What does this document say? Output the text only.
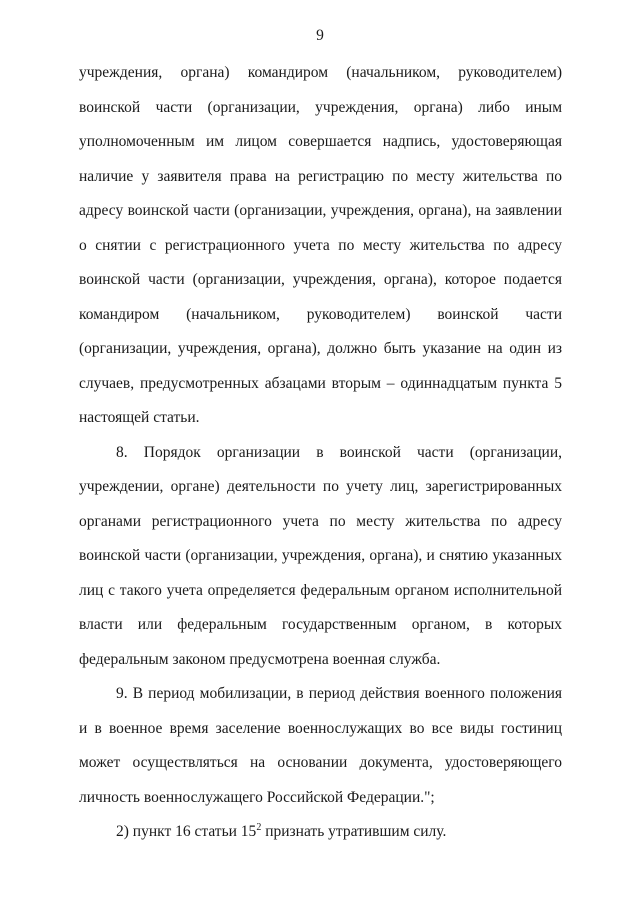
9

учреждения, органа) командиром (начальником, руководителем) воинской части (организации, учреждения, органа) либо иным уполномоченным им лицом совершается надпись, удостоверяющая наличие у заявителя права на регистрацию по месту жительства по адресу воинской части (организации, учреждения, органа), на заявлении о снятии с регистрационного учета по месту жительства по адресу воинской части (организации, учреждения, органа), которое подается командиром (начальником, руководителем) воинской части (организации, учреждения, органа), должно быть указание на один из случаев, предусмотренных абзацами вторым – одиннадцатым пункта 5 настоящей статьи.

8. Порядок организации в воинской части (организации, учреждении, органе) деятельности по учету лиц, зарегистрированных органами регистрационного учета по месту жительства по адресу воинской части (организации, учреждения, органа), и снятию указанных лиц с такого учета определяется федеральным органом исполнительной власти или федеральным государственным органом, в которых федеральным законом предусмотрена военная служба.

9. В период мобилизации, в период действия военного положения и в военное время заселение военнослужащих во все виды гостиниц может осуществляться на основании документа, удостоверяющего личность военнослужащего Российской Федерации.";

2) пункт 16 статьи $15^2$ признать утратившим силу.
